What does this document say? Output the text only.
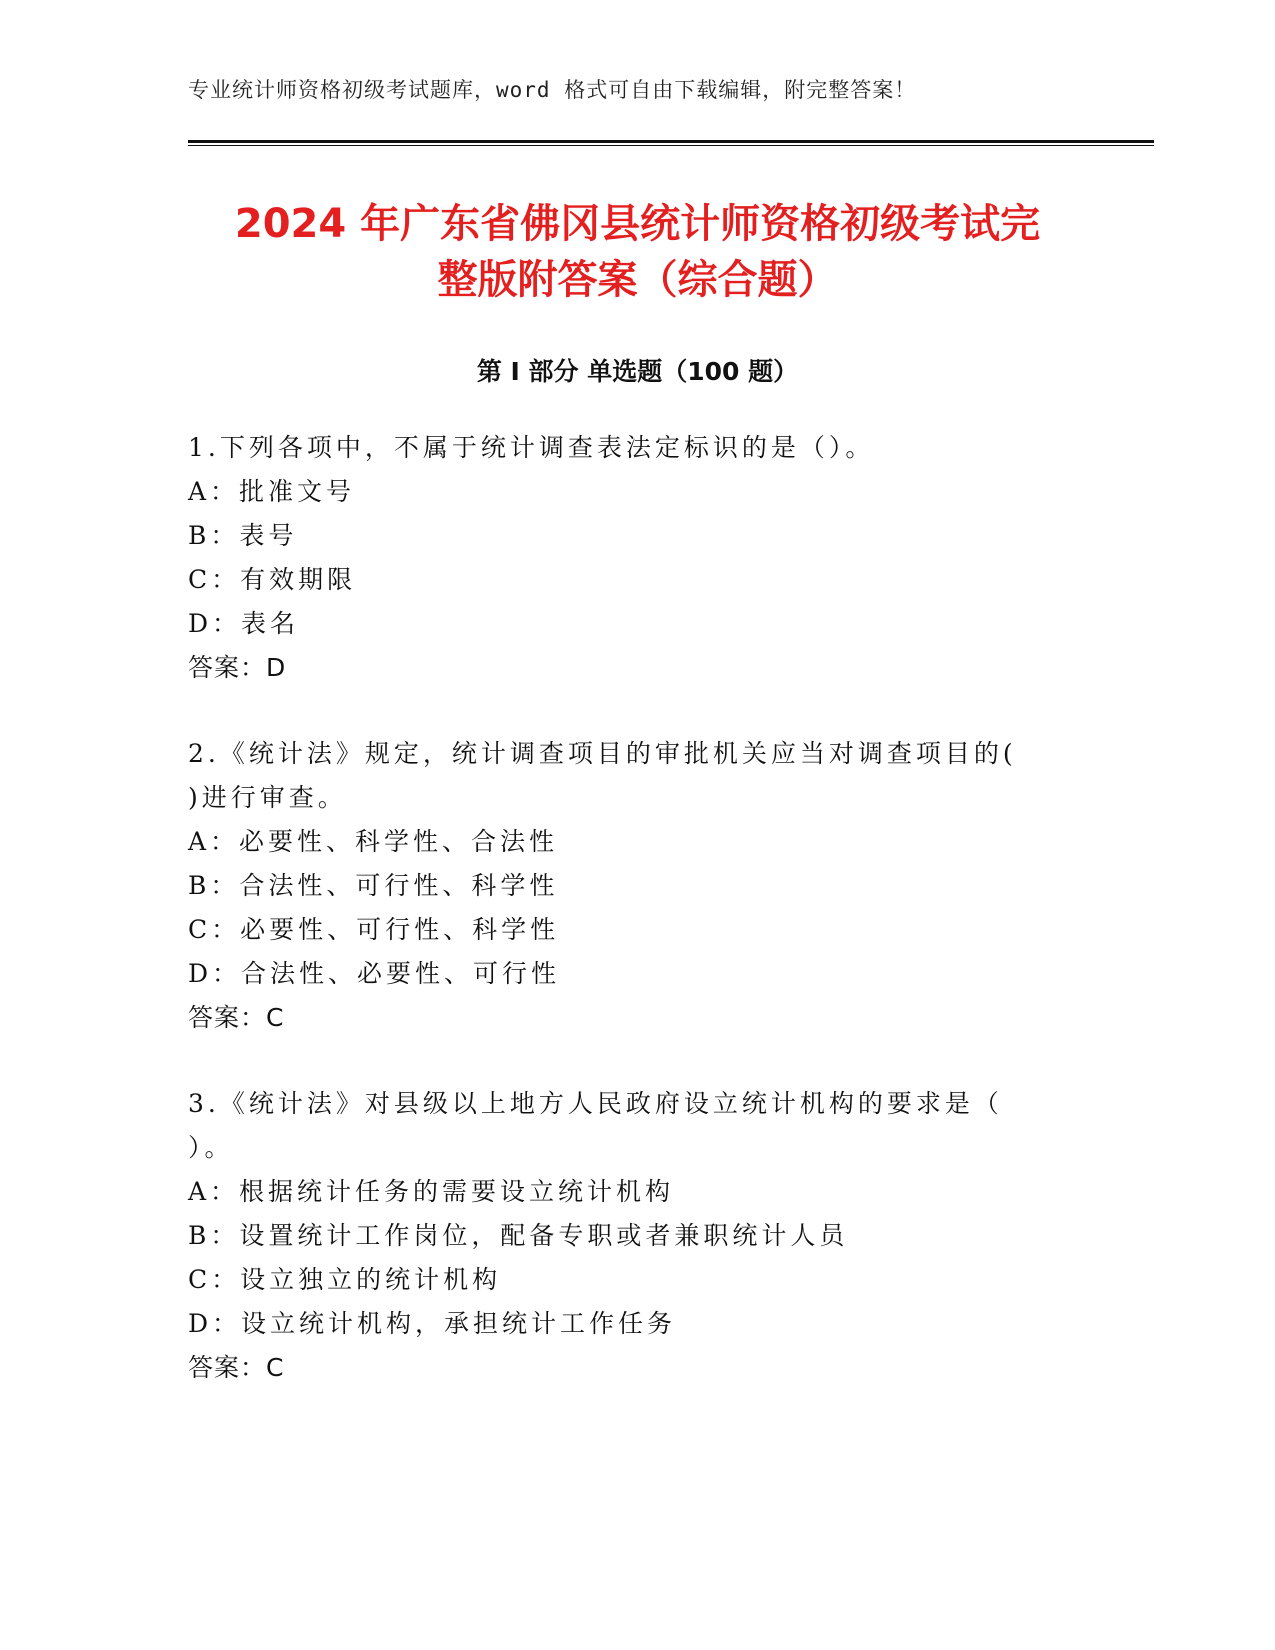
专业统计师资格初级考试题库，word 格式可自由下载编辑，附完整答案！
2024 年广东省佛冈县统计师资格初级考试完
整版附答案（综合题）
第 I 部分 单选题（100 题）
1.下列各项中，不属于统计调查表法定标识的是（）。
A：批准文号
B：表号
C：有效期限
D：表名
答案：D
2.《统计法》规定，统计调查项目的审批机关应当对调查项目的(
)进行审查。
A：必要性、科学性、合法性
B：合法性、可行性、科学性
C：必要性、可行性、科学性
D：合法性、必要性、可行性
答案：C
3.《统计法》对县级以上地方人民政府设立统计机构的要求是（
）。
A：根据统计任务的需要设立统计机构
B：设置统计工作岗位，配备专职或者兼职统计人员
C：设立独立的统计机构
D：设立统计机构，承担统计工作任务
答案：C
